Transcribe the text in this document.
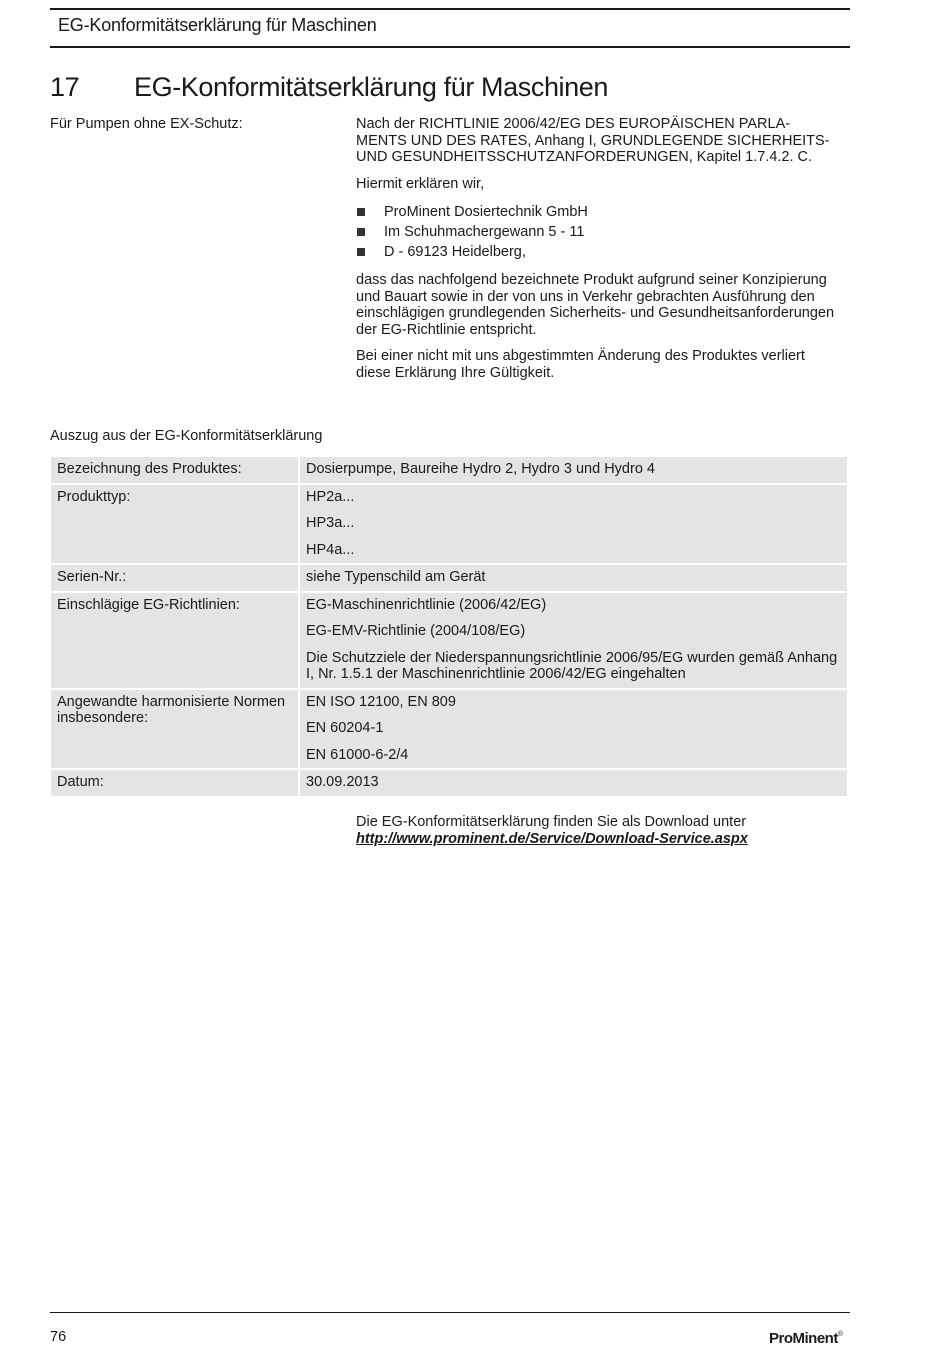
EG-Konformitätserklärung für Maschinen
17 EG-Konformitätserklärung für Maschinen
Für Pumpen ohne EX-Schutz:	Nach der RICHTLINIE 2006/42/EG DES EUROPÄISCHEN PARLA-
MENTS UND DES RATES, Anhang I, GRUNDLEGENDE SICHERHEITS-
UND GESUNDHEITSSCHUTZANFORDERUNGEN, Kapitel 1.7.4.2. C.

Hiermit erklären wir,

ProMinent Dosiertechnik GmbH
Im Schuhmachergewann 5 - 11
D - 69123 Heidelberg,

dass das nachfolgend bezeichnete Produkt aufgrund seiner Konzipierung
und Bauart sowie in der von uns in Verkehr gebrachten Ausführung den
einschlägigen grundlegenden Sicherheits- und Gesundheitsanforderungen
der EG-Richtlinie entspricht.

Bei einer nicht mit uns abgestimmten Änderung des Produktes verliert
diese Erklärung Ihre Gültigkeit.

Auszug aus der EG-Konformitätserklärung
Bezeichnung des Produktes:	Dosierpumpe, Baureihe Hydro 2, Hydro 3 und Hydro 4

Produkttyp:	HP2a...
HP3a...
HP4a...

Serien-Nr.:	siehe Typenschild am Gerät

Einschlägige EG-Richtlinien:	EG-Maschinenrichtlinie (2006/42/EG)
EG-EMV-Richtlinie (2004/108/EG)
Die Schutzziele der Niederspannungsrichtlinie 2006/95/EG wurden gemäß Anhang I, Nr. 1.5.1 der Maschinenrichtlinie 2006/42/EG eingehalten

Angewandte harmonisierte Normen insbesondere:	EN ISO 12100, EN 809
EN 60204-1
EN 61000-6-2/4

Datum:	30.09.2013
Die EG-Konformitätserklärung finden Sie als Download unter
http://www.prominent.de/Service/Download-Service.aspx
76	ProMinent®
